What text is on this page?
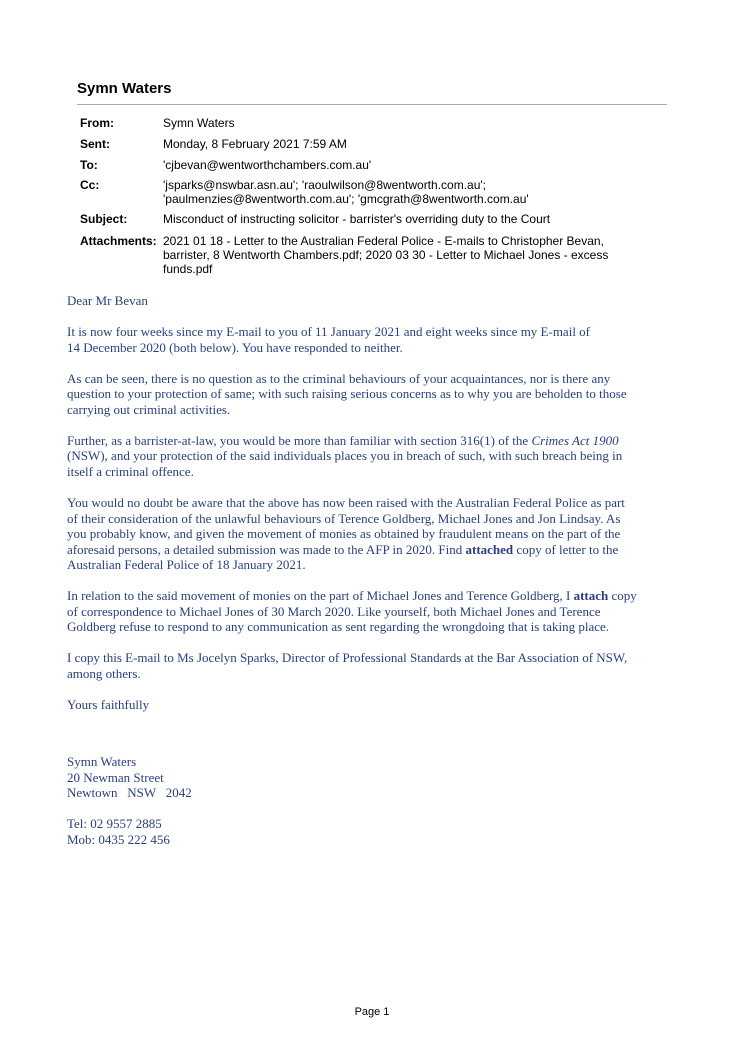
Symn Waters
From:	Symn Waters
Sent:	Monday, 8 February 2021 7:59 AM
To:	'cjbevan@wentworthchambers.com.au'
Cc:	'jsparks@nswbar.asn.au'; 'raoulwilson@8wentworth.com.au';
'paulmenzies@8wentworth.com.au'; 'gmcgrath@8wentworth.com.au'
Subject:	Misconduct of instructing solicitor - barrister's overriding duty to the Court
Attachments: 2021 01 18 - Letter to the Australian Federal Police - E-mails to Christopher Bevan,
barrister, 8 Wentworth Chambers.pdf; 2020 03 30 - Letter to Michael Jones - excess
funds.pdf

Dear Mr Bevan

It is now four weeks since my E-mail to you of 11 January 2021 and eight weeks since my E-mail of
14 December 2020 (both below). You have responded to neither.

As can be seen, there is no question as to the criminal behaviours of your acquaintances, nor is there any
question to your protection of same; with such raising serious concerns as to why you are beholden to those
carrying out criminal activities.

Further, as a barrister-at-law, you would be more than familiar with section 316(1) of the Crimes Act 1900
(NSW), and your protection of the said individuals places you in breach of such, with such breach being in
itself a criminal offence.

You would no doubt be aware that the above has now been raised with the Australian Federal Police as part
of their consideration of the unlawful behaviours of Terence Goldberg, Michael Jones and Jon Lindsay. As
you probably know, and given the movement of monies as obtained by fraudulent means on the part of the
aforesaid persons, a detailed submission was made to the AFP in 2020. Find attached copy of letter to the
Australian Federal Police of 18 January 2021.

In relation to the said movement of monies on the part of Michael Jones and Terence Goldberg, I attach copy
of correspondence to Michael Jones of 30 March 2020. Like yourself, both Michael Jones and Terence
Goldberg refuse to respond to any communication as sent regarding the wrongdoing that is taking place.

I copy this E-mail to Ms Jocelyn Sparks, Director of Professional Standards at the Bar Association of NSW,
among others.

Yours faithfully

Symn Waters
20 Newman Street
Newtown   NSW   2042
Tel: 02 9557 2885
Mob: 0435 222 456
Page 1
